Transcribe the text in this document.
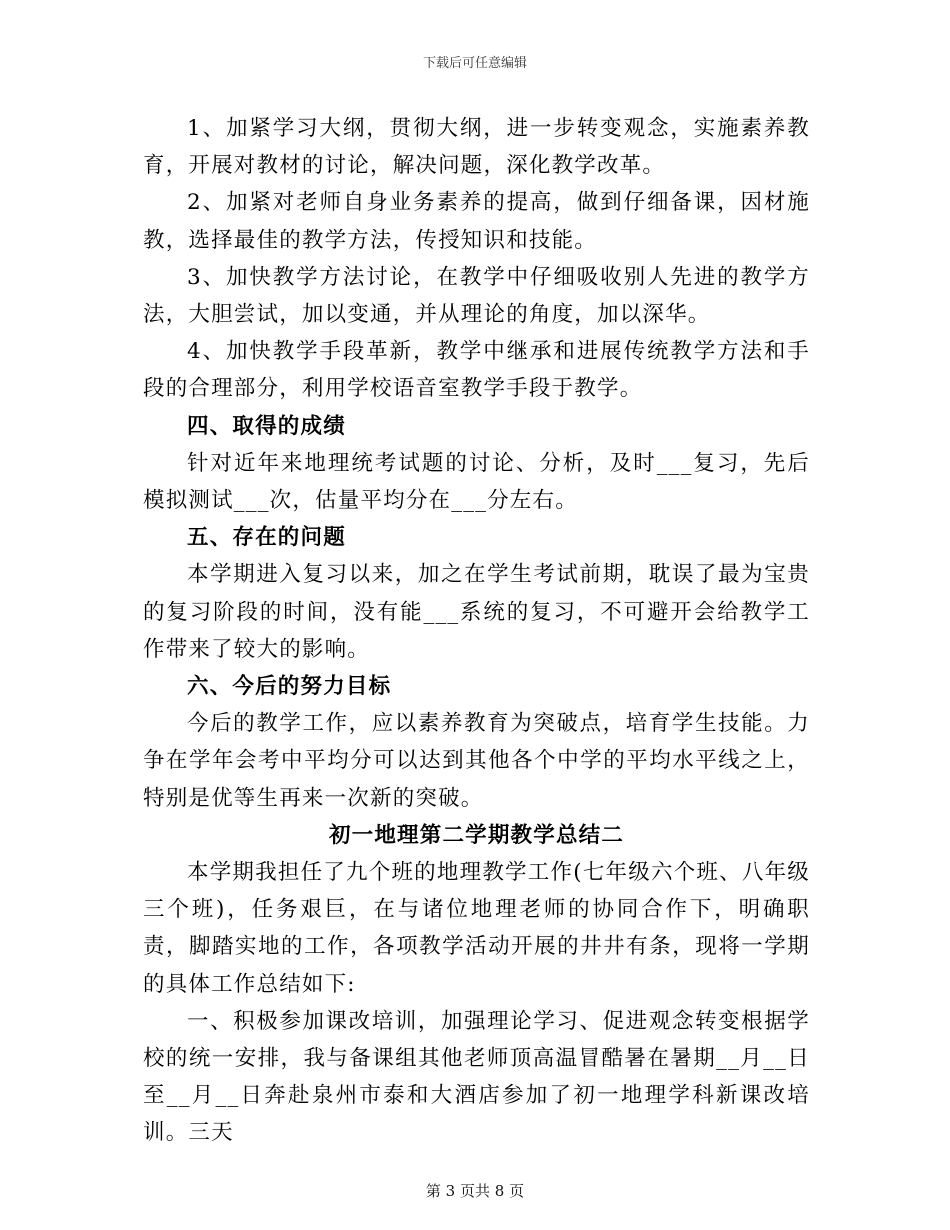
下载后可任意编辑

1、加紧学习大纲，贯彻大纲，进一步转变观念，实施素养教育，开展对教材的讨论，解决问题，深化教学改革。

2、加紧对老师自身业务素养的提高，做到仔细备课，因材施教，选择最佳的教学方法，传授知识和技能。

3、加快教学方法讨论，在教学中仔细吸收别人先进的教学方法，大胆尝试，加以变通，并从理论的角度，加以深华。

4、加快教学手段革新，教学中继承和进展传统教学方法和手段的合理部分，利用学校语音室教学手段于教学。

四、取得的成绩

针对近年来地理统考试题的讨论、分析，及时___复习，先后模拟测试___次，估量平均分在___分左右。

五、存在的问题

本学期进入复习以来，加之在学生考试前期，耽误了最为宝贵的复习阶段的时间，没有能___系统的复习，不可避开会给教学工作带来了较大的影响。

六、今后的努力目标

今后的教学工作，应以素养教育为突破点，培育学生技能。力争在学年会考中平均分可以达到其他各个中学的平均水平线之上，特别是优等生再来一次新的突破。

初一地理第二学期教学总结二

本学期我担任了九个班的地理教学工作(七年级六个班、八年级三个班)，任务艰巨，在与诸位地理老师的协同合作下，明确职责，脚踏实地的工作，各项教学活动开展的井井有条，现将一学期的具体工作总结如下:

一、积极参加课改培训，加强理论学习、促进观念转变根据学校的统一安排，我与备课组其他老师顶高温冒酷暑在暑期__月__日至__月__日奔赴泉州市泰和大酒店参加了初一地理学科新课改培训。三天

第 3 页共 8 页
